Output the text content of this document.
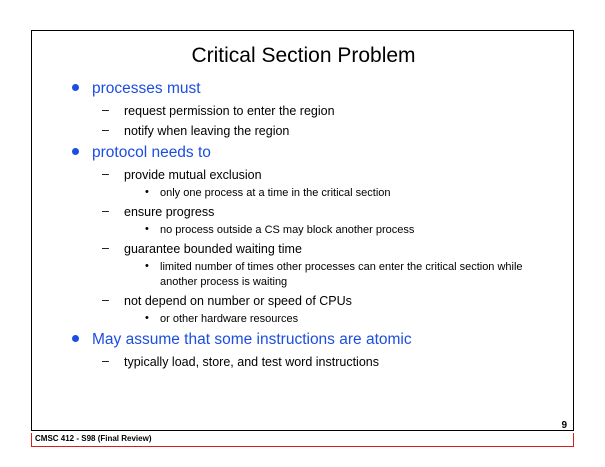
Critical Section Problem
processes must
– request permission to enter the region
– notify when leaving the region
protocol needs to
– provide mutual exclusion
• only one process at a time in the critical section
– ensure progress
• no process outside a CS may block another process
– guarantee bounded waiting time
• limited number of times other processes can enter the critical section while another process is waiting
– not depend on number or speed of CPUs
• or other hardware resources
May assume that some instructions are atomic
– typically load, store, and test word instructions
CMSC 412 - S98 (Final Review)
9
